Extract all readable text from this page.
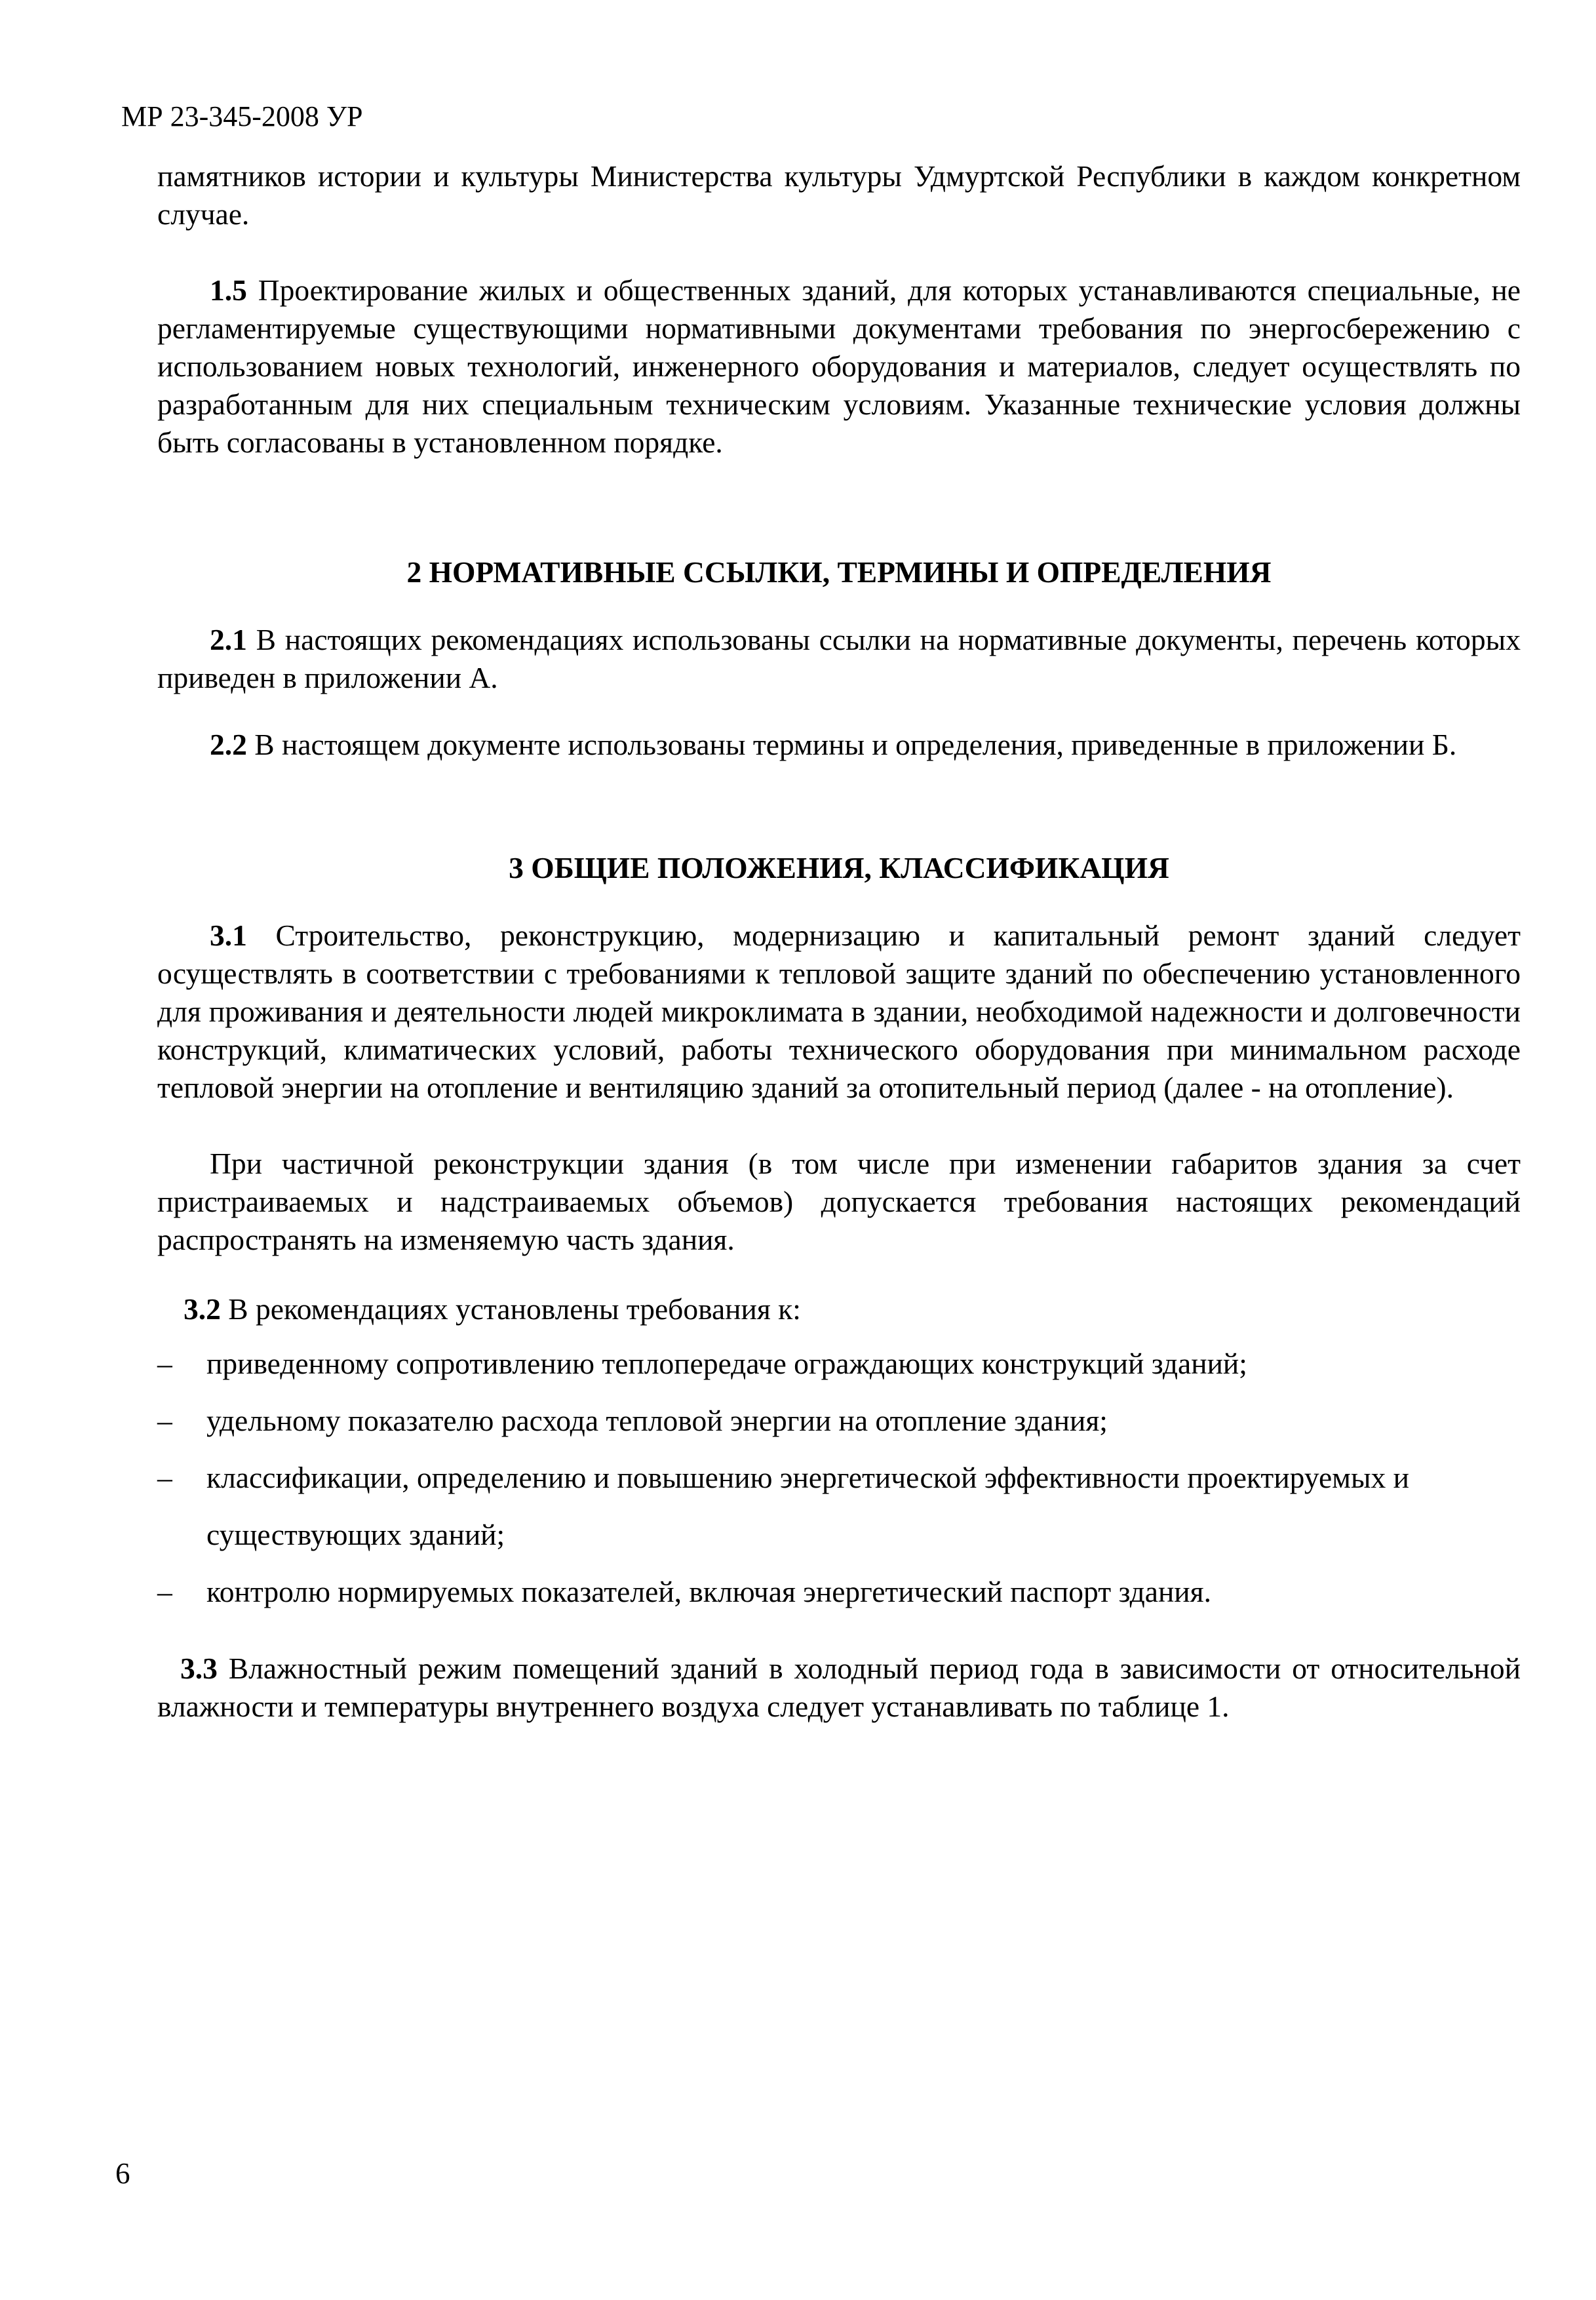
МР 23-345-2008 УР

памятников истории и культуры Министерства культуры Удмуртской Республики в каждом конкретном случае.

1.5 Проектирование жилых и общественных зданий, для которых устанавливаются специальные, не регламентируемые существующими нормативными документами требования по энергосбережению с использованием новых технологий, инженерного оборудования и материалов, следует осуществлять по разработанным для них специальным техническим условиям. Указанные технические условия должны быть согласованы в установленном порядке.

2 НОРМАТИВНЫЕ ССЫЛКИ, ТЕРМИНЫ И ОПРЕДЕЛЕНИЯ

2.1 В настоящих рекомендациях использованы ссылки на нормативные документы, перечень которых приведен в приложении А.

2.2 В настоящем документе использованы термины и определения, приведенные в приложении Б.

3 ОБЩИЕ ПОЛОЖЕНИЯ, КЛАССИФИКАЦИЯ

3.1 Строительство, реконструкцию, модернизацию и капитальный ремонт зданий следует осуществлять в соответствии с требованиями к тепловой защите зданий по обеспечению установленного для проживания и деятельности людей микроклимата в здании, необходимой надежности и долговечности конструкций, климатических условий, работы технического оборудования при минимальном расходе тепловой энергии на отопление и вентиляцию зданий за отопительный период (далее - на отопление).

При частичной реконструкции здания (в том числе при изменении габаритов здания за счет пристраиваемых и надстраиваемых объемов) допускается требования настоящих рекомендаций распространять на изменяемую часть здания.

3.2 В рекомендациях установлены требования к:

– приведенному сопротивлению теплопередаче ограждающих конструкций зданий;
– удельному показателю расхода тепловой энергии на отопление здания;
– классификации, определению и повышению энергетической эффективности проектируемых и существующих зданий;
– контролю нормируемых показателей, включая энергетический паспорт здания.

3.3 Влажностный режим помещений зданий в холодный период года в зависимости от относительной влажности и температуры внутреннего воздуха следует устанавливать по таблице 1.

6
